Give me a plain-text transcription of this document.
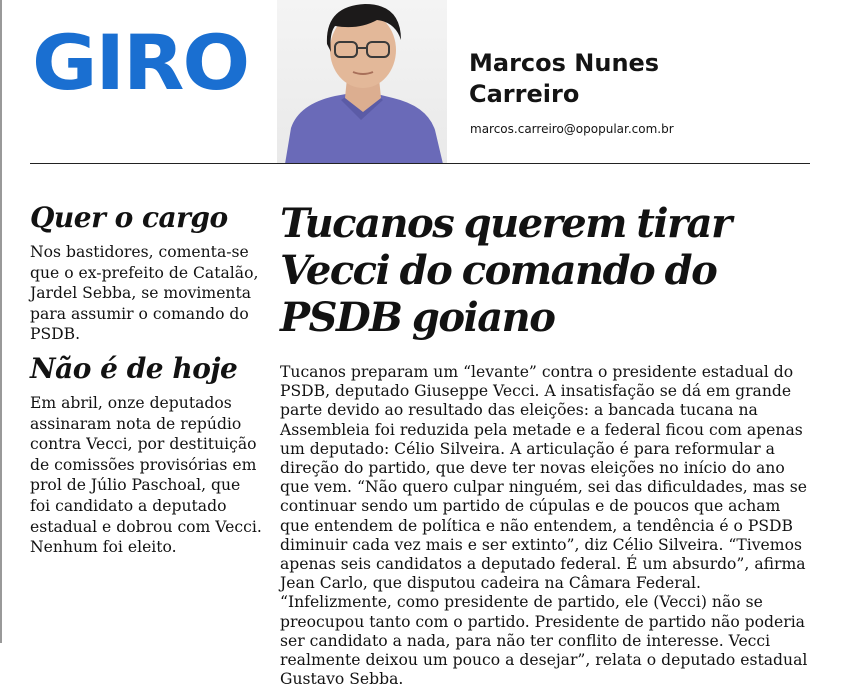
GIRO	Marcos Nunes Carreiro
marcos.carreiro@opopular.com.br
Quer o cargo

Nos bastidores, comenta-se que o ex-prefeito de Catalão, Jardel Sebba, se movimenta para assumir o comando do PSDB.

Não é de hoje

Em abril, onze deputados assinaram nota de repúdio contra Vecci, por destituição de comissões provisórias em prol de Júlio Paschoal, que foi candidato a deputado estadual e dobrou com Vecci. Nenhum foi eleito.

Tucanos querem tirar Vecci do comando do PSDB goiano

Tucanos preparam um “levante” contra o presidente estadual do PSDB, deputado Giuseppe Vecci. A insatisfação se dá em grande parte devido ao resultado das eleições: a bancada tucana na Assembleia foi reduzida pela metade e a federal ficou com apenas um deputado: Célio Silveira. A articulação é para reformular a direção do partido, que deve ter novas eleições no início do ano que vem. “Não quero culpar ninguém, sei das dificuldades, mas se continuar sendo um partido de cúpulas e de poucos que acham que entendem de política e não entendem, a tendência é o PSDB diminuir cada vez mais e ser extinto”, diz Célio Silveira. “Tivemos apenas seis candidatos a deputado federal. É um absurdo”, afirma Jean Carlo, que disputou cadeira na Câmara Federal. “Infelizmente, como presidente de partido, ele (Vecci) não se preocupou tanto com o partido. Presidente de partido não poderia ser candidato a nada, para não ter conflito de interesse. Vecci realmente deixou um pouco a desejar”, relata o deputado estadual Gustavo Sebba.
